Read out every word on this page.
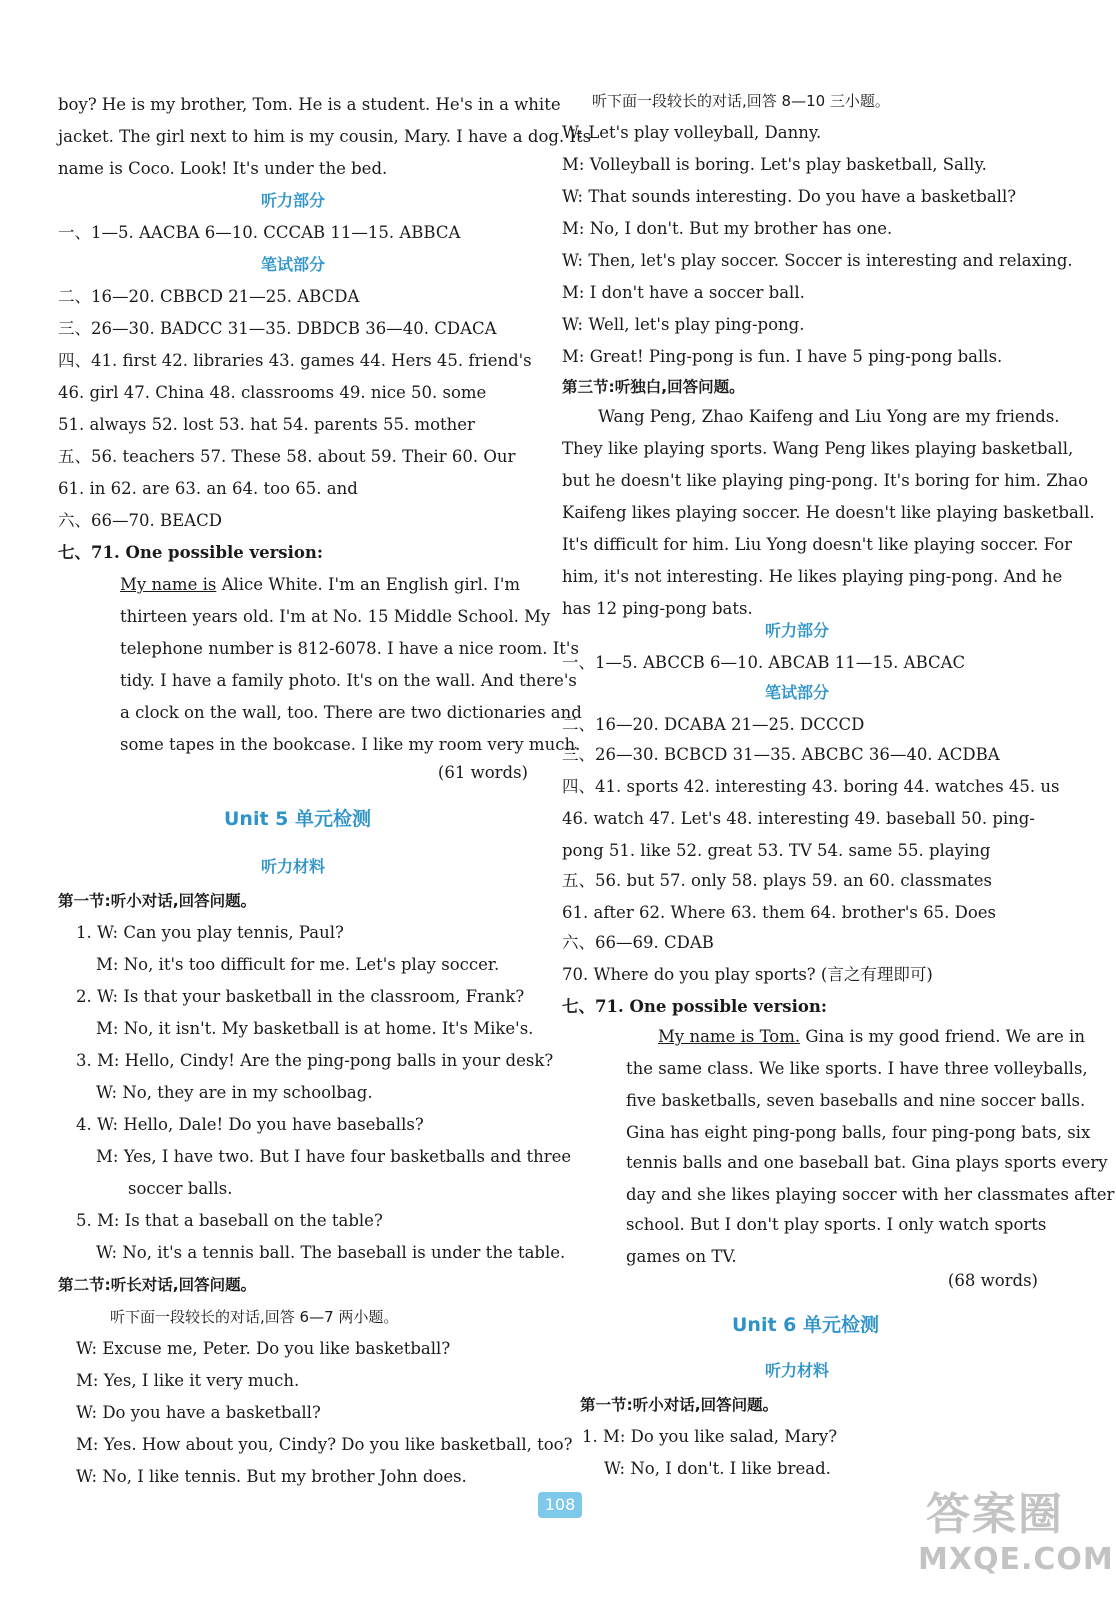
boy? He is my brother, Tom. He is a student. He's in a white
jacket. The girl next to him is my cousin, Mary. I have a dog. Its
name is Coco. Look! It's under the bed.
听力部分
一、1—5. AACBA 6—10. CCCAB 11—15. ABBCA
笔试部分
二、16—20. CBBCD 21—25. ABCDA
三、26—30. BADCC 31—35. DBDCB 36—40. CDACA
四、41. first 42. libraries 43. games 44. Hers 45. friend's
46. girl 47. China 48. classrooms 49. nice 50. some
51. always 52. lost 53. hat 54. parents 55. mother
五、56. teachers 57. These 58. about 59. Their 60. Our
61. in 62. are 63. an 64. too 65. and
六、66—70. BEACD
七、71. One possible version:
My name is Alice White. I'm an English girl. I'm
thirteen years old. I'm at No. 15 Middle School. My
telephone number is 812-6078. I have a nice room. It's
tidy. I have a family photo. It's on the wall. And there's
a clock on the wall, too. There are two dictionaries and
some tapes in the bookcase. I like my room very much.
(61 words)
Unit 5 单元检测
听力材料
第一节:听小对话,回答问题。
1. W: Can you play tennis, Paul?
M: No, it's too difficult for me. Let's play soccer.
2. W: Is that your basketball in the classroom, Frank?
M: No, it isn't. My basketball is at home. It's Mike's.
3. M: Hello, Cindy! Are the ping-pong balls in your desk?
W: No, they are in my schoolbag.
4. W: Hello, Dale! Do you have baseballs?
M: Yes, I have two. But I have four basketballs and three
soccer balls.
5. M: Is that a baseball on the table?
W: No, it's a tennis ball. The baseball is under the table.
第二节:听长对话,回答问题。
听下面一段较长的对话,回答 6—7 两小题。
W: Excuse me, Peter. Do you like basketball?
M: Yes, I like it very much.
W: Do you have a basketball?
M: Yes. How about you, Cindy? Do you like basketball, too?
W: No, I like tennis. But my brother John does.
听下面一段较长的对话,回答 8—10 三小题。
W: Let's play volleyball, Danny.
M: Volleyball is boring. Let's play basketball, Sally.
W: That sounds interesting. Do you have a basketball?
M: No, I don't. But my brother has one.
W: Then, let's play soccer. Soccer is interesting and relaxing.
M: I don't have a soccer ball.
W: Well, let's play ping-pong.
M: Great! Ping-pong is fun. I have 5 ping-pong balls.
第三节:听独白,回答问题。
Wang Peng, Zhao Kaifeng and Liu Yong are my friends.
They like playing sports. Wang Peng likes playing basketball,
but he doesn't like playing ping-pong. It's boring for him. Zhao
Kaifeng likes playing soccer. He doesn't like playing basketball.
It's difficult for him. Liu Yong doesn't like playing soccer. For
him, it's not interesting. He likes playing ping-pong. And he
has 12 ping-pong bats.
听力部分
一、1—5. ABCCB 6—10. ABCAB 11—15. ABCAC
笔试部分
二、16—20. DCABA 21—25. DCCCD
三、26—30. BCBCD 31—35. ABCBC 36—40. ACDBA
四、41. sports 42. interesting 43. boring 44. watches 45. us
46. watch 47. Let's 48. interesting 49. baseball 50. ping-
pong 51. like 52. great 53. TV 54. same 55. playing
五、56. but 57. only 58. plays 59. an 60. classmates
61. after 62. Where 63. them 64. brother's 65. Does
六、66—69. CDAB
70. Where do you play sports? (言之有理即可)
七、71. One possible version:
My name is Tom. Gina is my good friend. We are in
the same class. We like sports. I have three volleyballs,
five basketballs, seven baseballs and nine soccer balls.
Gina has eight ping-pong balls, four ping-pong bats, six
tennis balls and one baseball bat. Gina plays sports every
day and she likes playing soccer with her classmates after
school. But I don't play sports. I only watch sports
games on TV.
(68 words)
Unit 6 单元检测
听力材料
第一节:听小对话,回答问题。
1. M: Do you like salad, Mary?
W: No, I don't. I like bread.
108	答案圈
MXQE.COM
